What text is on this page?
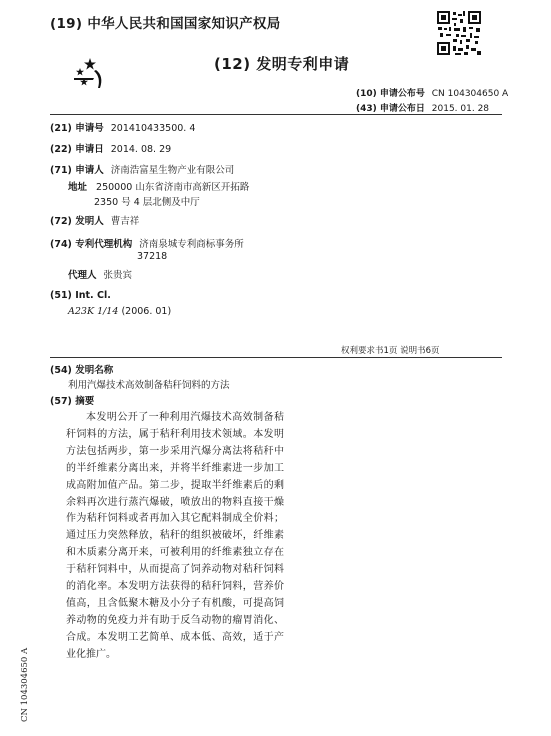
(19) 中华人民共和国国家知识产权局
(12) 发明专利申请
(10) 申请公布号 CN 104304650 A
(43) 申请公布日 2015. 01. 28
(21) 申请号 201410433500. 4
(22) 申请日 2014. 08. 29
(71) 申请人 济南浩富星生物产业有限公司
地址 250000 山东省济南市高新区开拓路
2350 号 4 层北侧及中厅
(72) 发明人 曹吉祥
(74) 专利代理机构 济南泉城专利商标事务所
37218
代理人 张贵宾
(51) Int. Cl.
A23K 1/14 (2006. 01)
权利要求书1页 说明书6页
(54) 发明名称
利用汽爆技术高效制备秸秆饲料的方法
(57) 摘要
本发明公开了一种利用汽爆技术高效制备秸秆饲料的方法，属于秸秆利用技术领域。本发明方法包括两步，第一步采用汽爆分离法将秸秆中的半纤维素分离出来，并将半纤维素进一步加工成高附加值产品。第二步，提取半纤维素后的剩余料再次进行蒸汽爆破，喷放出的物料直接干燥作为秸秆饲料或者再加入其它配料制成全价料；通过压力突然释放，秸秆的组织被破坏，纤维素和木质素分离开来，可被利用的纤维素独立存在于秸秆饲料中，从而提高了饲养动物对秸秆饲料的消化率。本发明方法获得的秸秆饲料，营养价值高，且含低聚木糖及小分子有机酸，可提高饲养动物的免疫力并有助于反刍动物的瘤胃消化、合成。本发明工艺简单、成本低、高效，适于产业化推广。
CN 104304650 A
